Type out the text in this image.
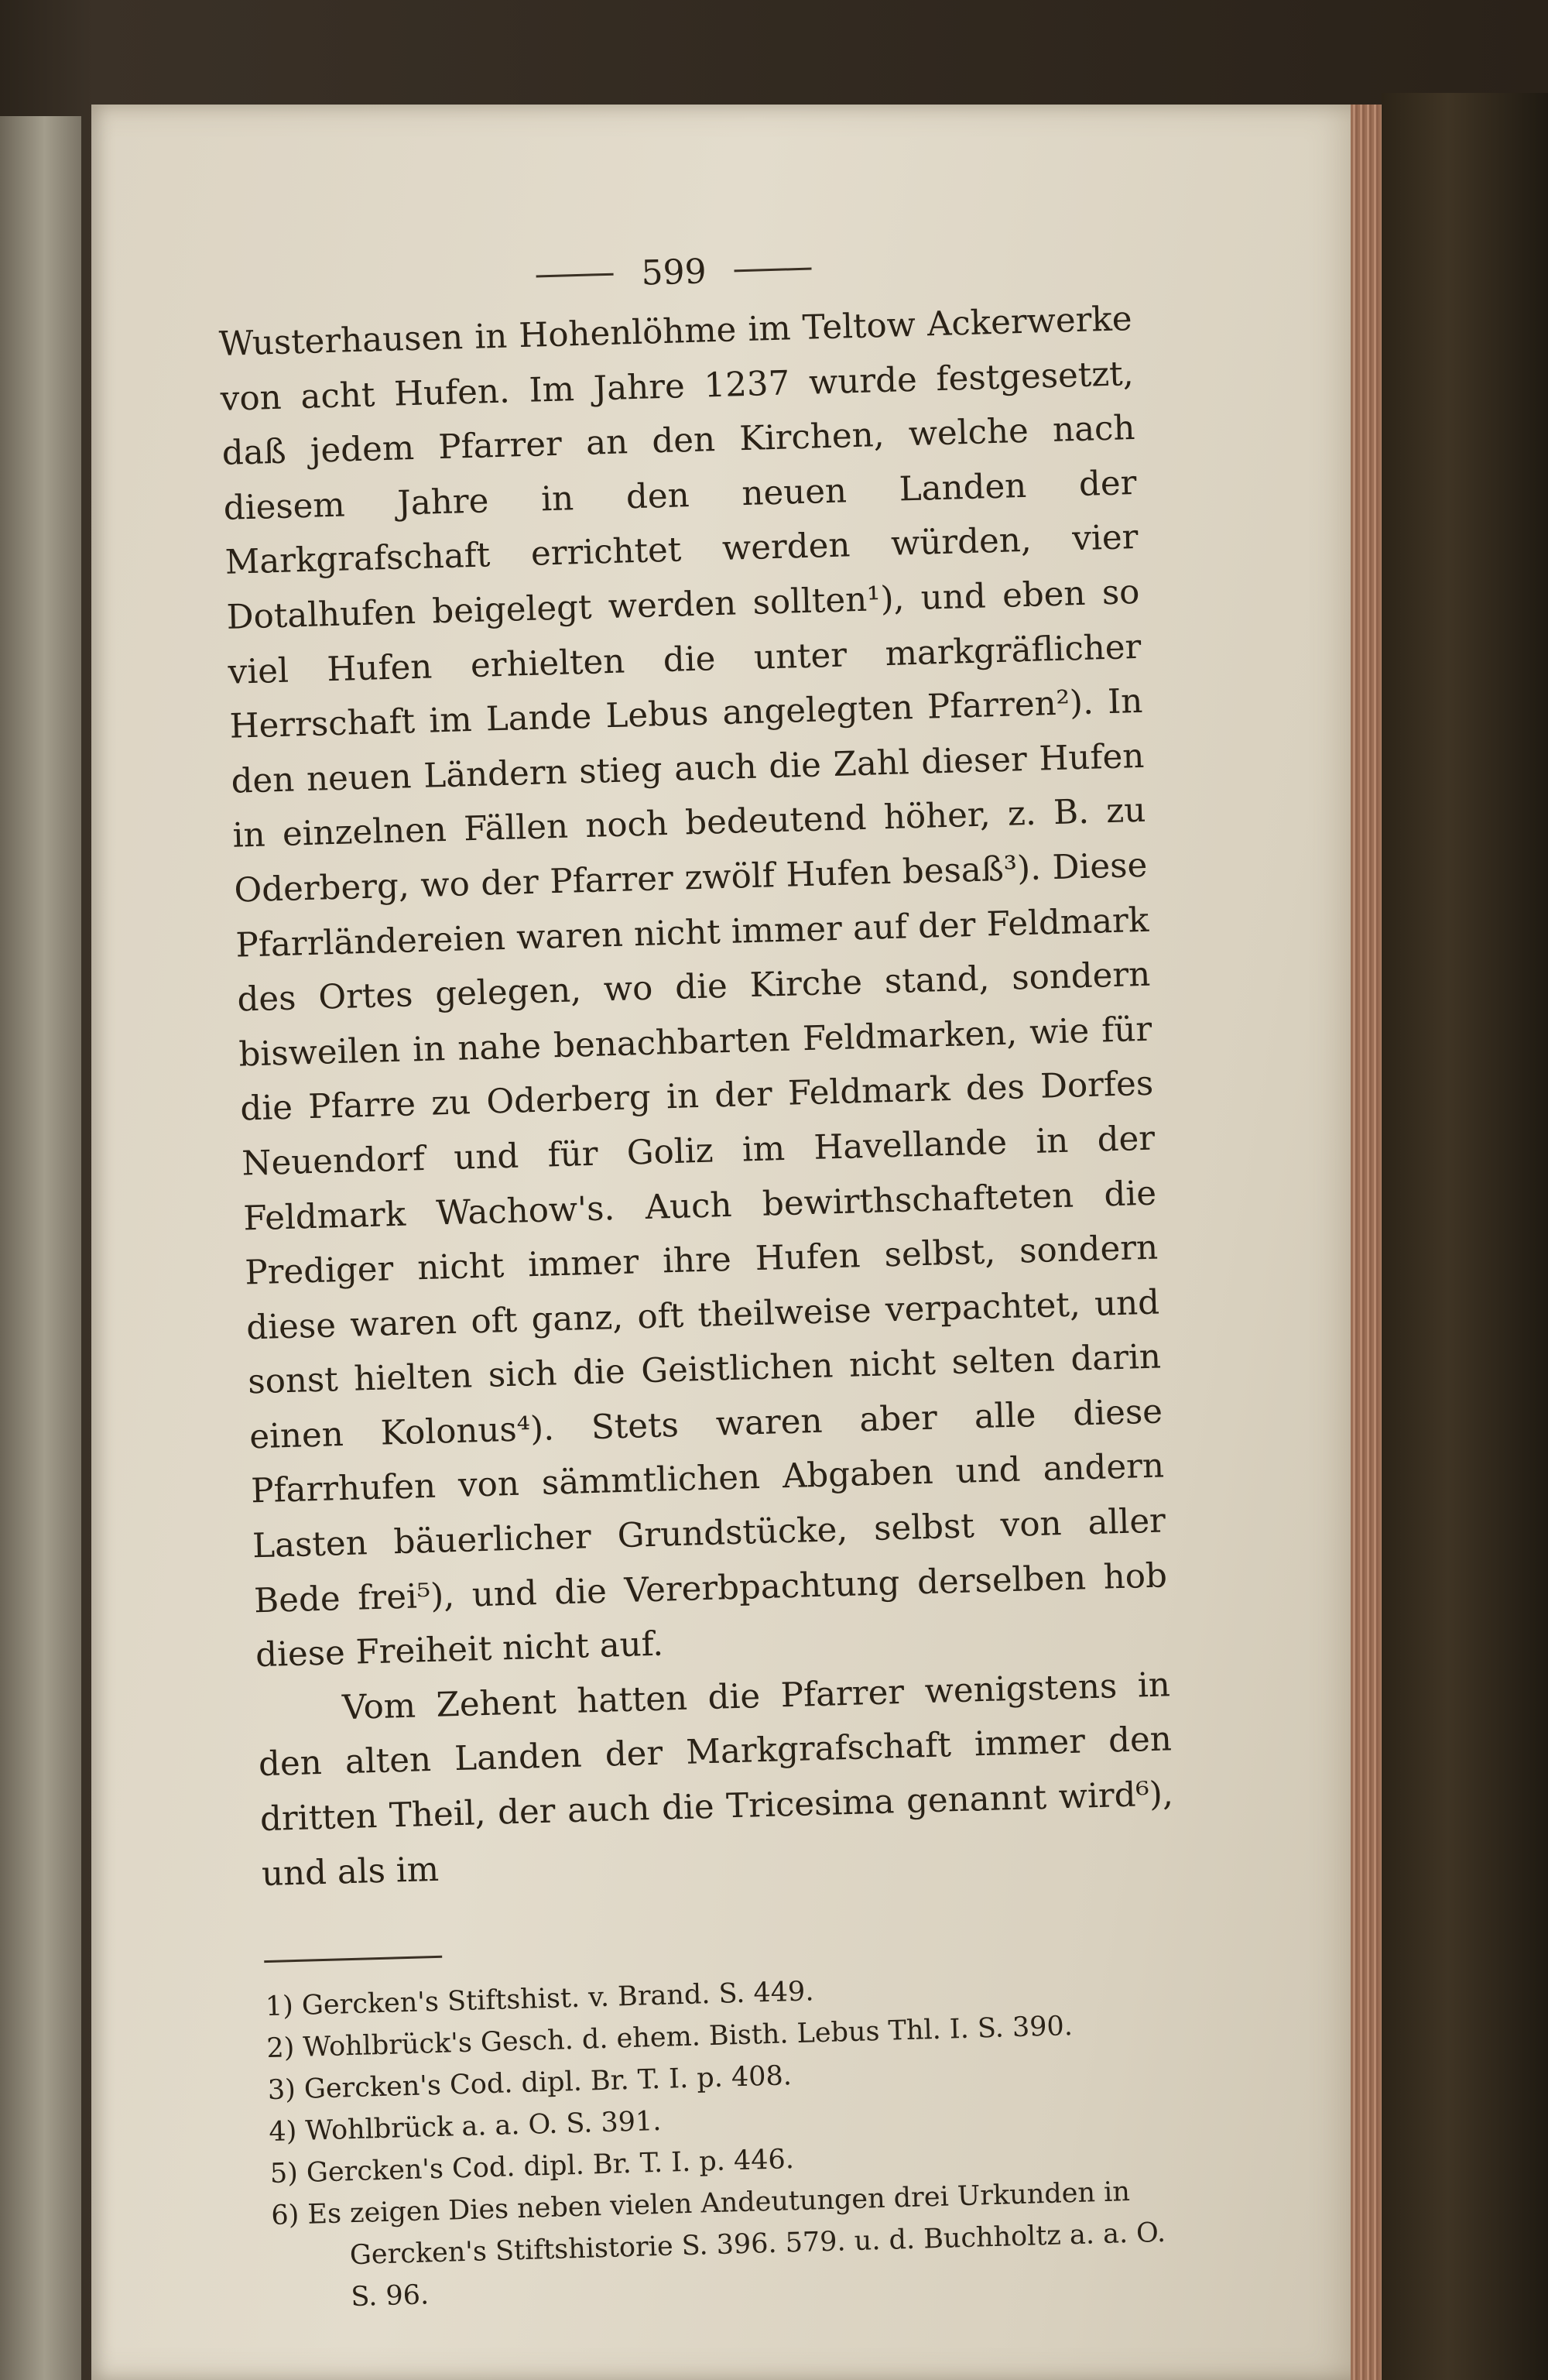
599

Wusterhausen in Hohenlöhme im Teltow Ackerwerke von acht Hufen. Im Jahre 1237 wurde festgesetzt, daß jedem Pfarrer an den Kirchen, welche nach diesem Jahre in den neuen Landen der Markgrafschaft errichtet werden würden, vier Dotalhufen beigelegt werden sollten¹), und eben so viel Hufen erhielten die unter markgräflicher Herrschaft im Lande Lebus angelegten Pfarren²). In den neuen Ländern stieg auch die Zahl dieser Hufen in einzelnen Fällen noch bedeutend höher, z. B. zu Oderberg, wo der Pfarrer zwölf Hufen besaß³). Diese Pfarrländereien waren nicht immer auf der Feldmark des Ortes gelegen, wo die Kirche stand, sondern bisweilen in nahe benachbarten Feldmarken, wie für die Pfarre zu Oderberg in der Feldmark des Dorfes Neuendorf und für Goliz im Havellande in der Feldmark Wachow's. Auch bewirthschafteten die Prediger nicht immer ihre Hufen selbst, sondern diese waren oft ganz, oft theilweise verpachtet, und sonst hielten sich die Geistlichen nicht selten darin einen Kolonus⁴). Stets waren aber alle diese Pfarrhufen von sämmtlichen Abgaben und andern Lasten bäuerlicher Grundstücke, selbst von aller Bede frei⁵), und die Vererbpachtung derselben hob diese Freiheit nicht auf.

Vom Zehent hatten die Pfarrer wenigstens in den alten Landen der Markgrafschaft immer den dritten Theil, der auch die Tricesima genannt wird⁶), und als im

1) Gercken's Stiftshist. v. Brand. S. 449.

2) Wohlbrück's Gesch. d. ehem. Bisth. Lebus Thl. I. S. 390.

3) Gercken's Cod. dipl. Br. T. I. p. 408.

4) Wohlbrück a. a. O. S. 391.

5) Gercken's Cod. dipl. Br. T. I. p. 446.

6) Es zeigen Dies neben vielen Andeutungen drei Urkunden in Gercken's Stiftshistorie S. 396. 579. u. d. Buchholtz a. a. O. S. 96.
